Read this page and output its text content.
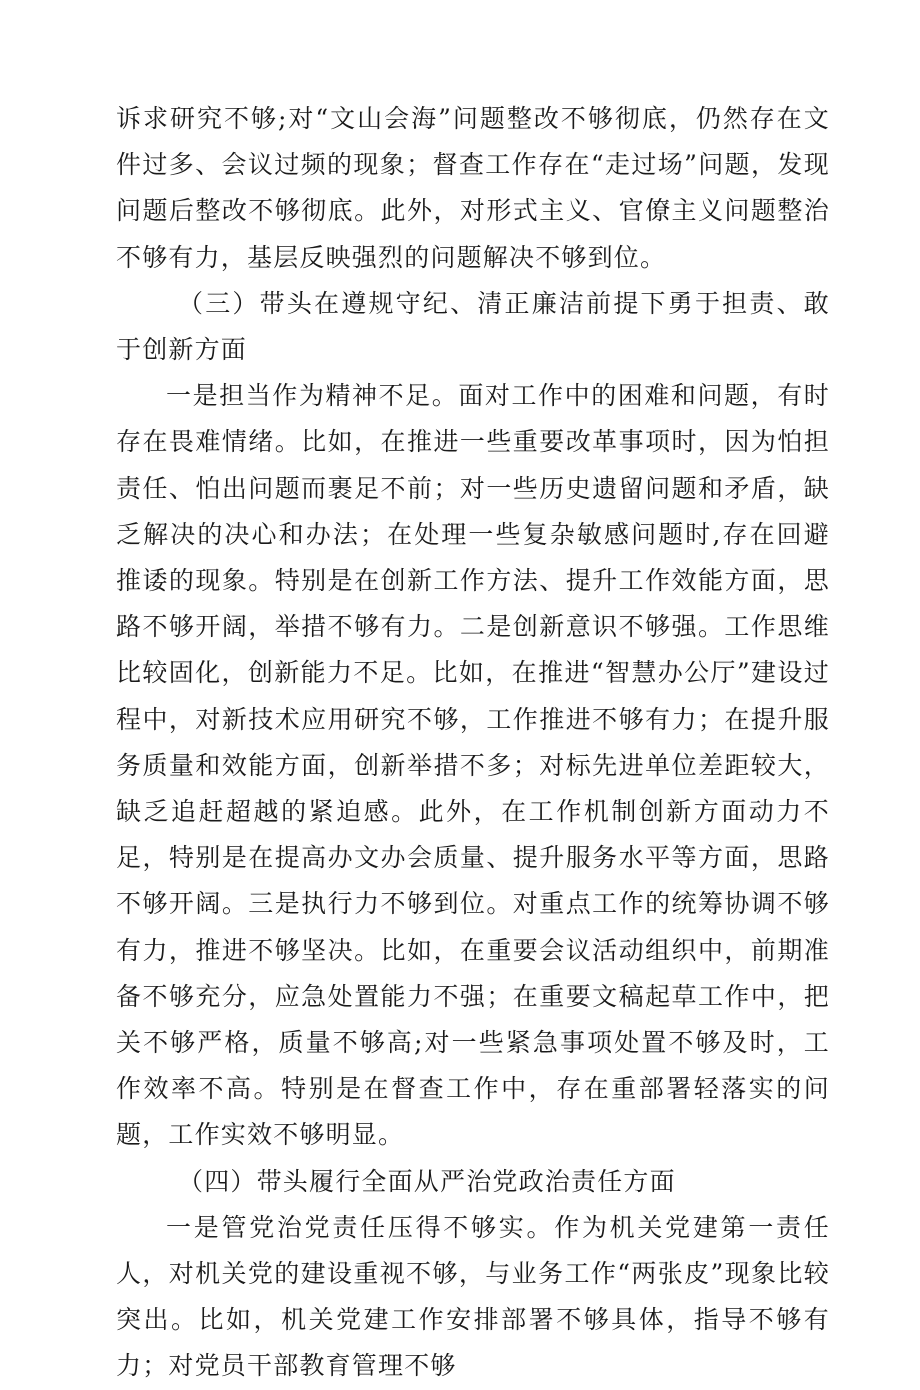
诉求研究不够;对“文山会海”问题整改不够彻底，仍然存在文件过多、会议过频的现象；督查工作存在“走过场”问题，发现问题后整改不够彻底。此外，对形式主义、官僚主义问题整治不够有力，基层反映强烈的问题解决不够到位。

（三）带头在遵规守纪、清正廉洁前提下勇于担责、敢于创新方面

一是担当作为精神不足。面对工作中的困难和问题，有时存在畏难情绪。比如，在推进一些重要改革事项时，因为怕担责任、怕出问题而裹足不前；对一些历史遗留问题和矛盾，缺乏解决的决心和办法；在处理一些复杂敏感问题时,存在回避推诿的现象。特别是在创新工作方法、提升工作效能方面，思路不够开阔，举措不够有力。二是创新意识不够强。工作思维比较固化，创新能力不足。比如，在推进“智慧办公厅”建设过程中，对新技术应用研究不够，工作推进不够有力；在提升服务质量和效能方面，创新举措不多；对标先进单位差距较大，缺乏追赶超越的紧迫感。此外，在工作机制创新方面动力不足，特别是在提高办文办会质量、提升服务水平等方面，思路不够开阔。三是执行力不够到位。对重点工作的统筹协调不够有力，推进不够坚决。比如，在重要会议活动组织中，前期准备不够充分，应急处置能力不强；在重要文稿起草工作中，把关不够严格，质量不够高;对一些紧急事项处置不够及时，工作效率不高。特别是在督查工作中，存在重部署轻落实的问题，工作实效不够明显。

（四）带头履行全面从严治党政治责任方面

一是管党治党责任压得不够实。作为机关党建第一责任人，对机关党的建设重视不够，与业务工作“两张皮”现象比较突出。比如，机关党建工作安排部署不够具体，指导不够有力；对党员干部教育管理不够
